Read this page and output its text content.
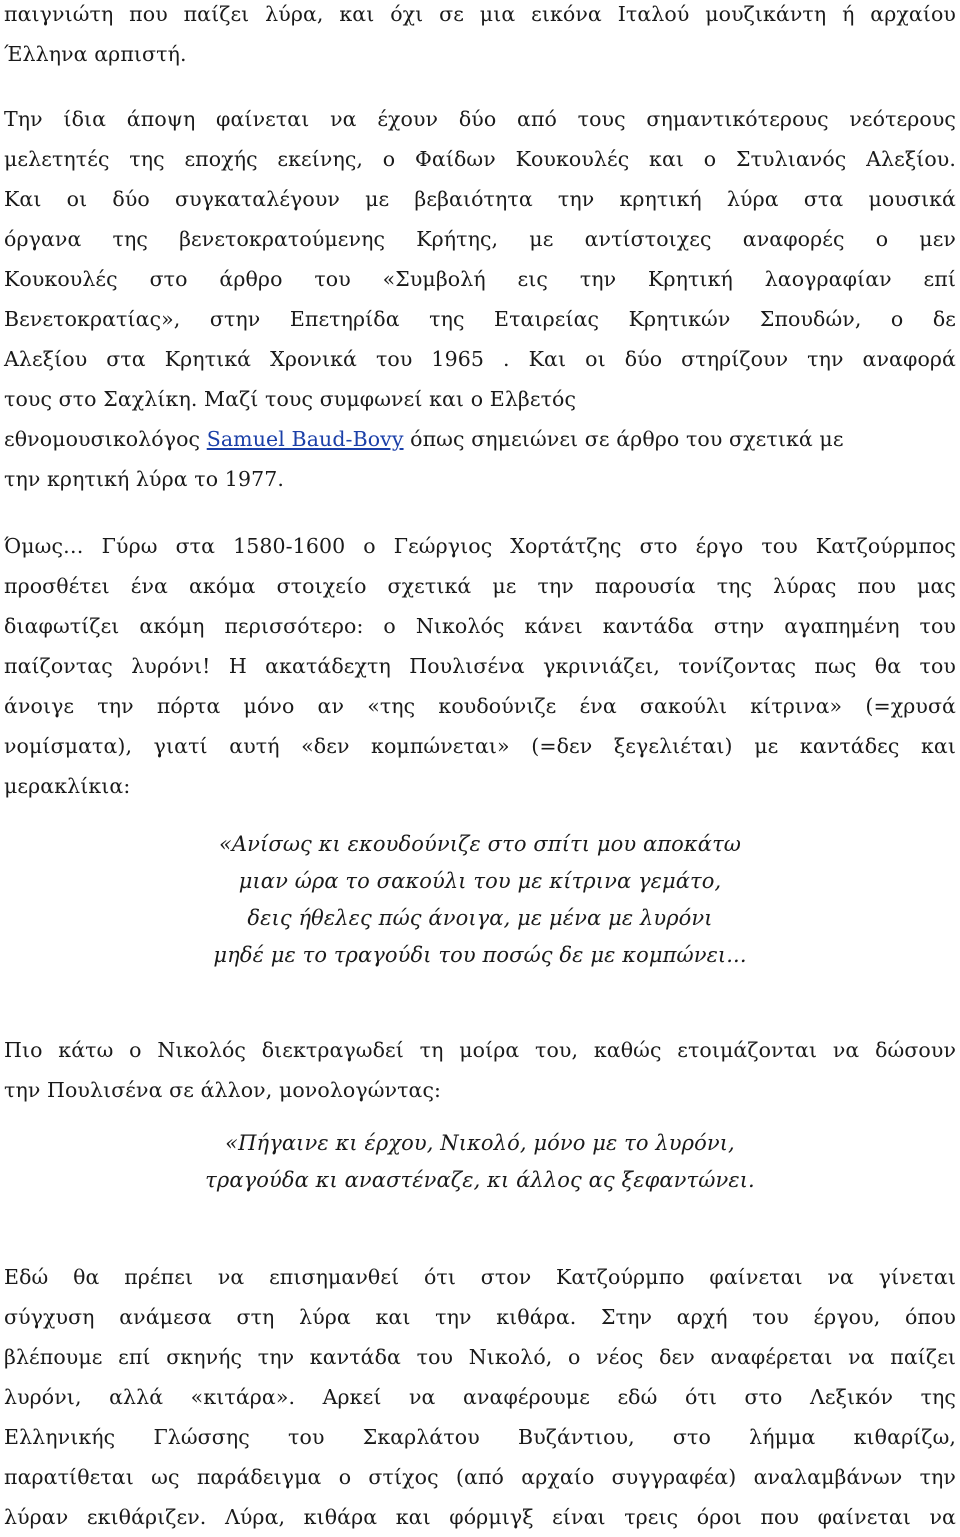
παιγνιώτη που παίζει λύρα, και όχι σε μια εικόνα Ιταλού μουζικάντη ή αρχαίου
Έλληνα αρπιστή.
Την ίδια άποψη φαίνεται να έχουν δύο από τους σημαντικότερους νεότερους
μελετητές της εποχής εκείνης, ο Φαίδων Κουκουλές και ο Στυλιανός Αλεξίου.
Και οι δύο συγκαταλέγουν με βεβαιότητα την κρητική λύρα στα μουσικά
όργανα της βενετοκρατούμενης Κρήτης, με αντίστοιχες αναφορές ο μεν
Κουκουλές στο άρθρο του «Συμβολή εις την Κρητική λαογραφίαν επί
Βενετοκρατίας», στην Επετηρίδα της Εταιρείας Κρητικών Σπουδών, ο δε
Αλεξίου στα Κρητικά Χρονικά του 1965 . Και οι δύο στηρίζουν την αναφορά
τους στο Σαχλίκη. Μαζί τους συμφωνεί και ο Ελβετός
εθνομουσικολόγος Samuel Baud-Bovy όπως σημειώνει σε άρθρο του σχετικά με
την κρητική λύρα το 1977.
Όμως… Γύρω στα 1580-1600 ο Γεώργιος Χορτάτζης στο έργο του Κατζούρμπος
προσθέτει ένα ακόμα στοιχείο σχετικά με την παρουσία της λύρας που μας
διαφωτίζει ακόμη περισσότερο: ο Νικολός κάνει καντάδα στην αγαπημένη του
παίζοντας λυρόνι! Η ακατάδεχτη Πουλισένα γκρινιάζει, τονίζοντας πως θα του
άνοιγε την πόρτα μόνο αν «της κουδούνιζε ένα σακούλι κίτρινα» (=χρυσά
νομίσματα), γιατί αυτή «δεν κομπώνεται» (=δεν ξεγελιέται) με καντάδες και
μερακλίκια:
«Ανίσως κι εκουδούνιζε στο σπίτι μου αποκάτω
μιαν ώρα το σακούλι του με κίτρινα γεμάτο,
δεις ήθελες πώς άνοιγα, με μένα με λυρόνι
μηδέ με το τραγούδι του ποσώς δε με κομπώνει...
Πιο κάτω ο Νικολός διεκτραγωδεί τη μοίρα του, καθώς ετοιμάζονται να δώσουν
την Πουλισένα σε άλλον, μονολογώντας:
«Πήγαινε κι έρχου, Νικολό, μόνο με το λυρόνι,
τραγούδα κι αναστέναζε, κι άλλος ας ξεφαντώνει.
Εδώ θα πρέπει να επισημανθεί ότι στον Κατζούρμπο φαίνεται να γίνεται
σύγχυση ανάμεσα στη λύρα και την κιθάρα. Στην αρχή του έργου, όπου
βλέπουμε επί σκηνής την καντάδα του Νικολό, ο νέος δεν αναφέρεται να παίζει
λυρόνι, αλλά «κιτάρα». Αρκεί να αναφέρουμε εδώ ότι στο Λεξικόν της
Ελληνικής Γλώσσης του Σκαρλάτου Βυζάντιου, στο λήμμα κιθαρίζω,
παρατίθεται ως παράδειγμα ο στίχος (από αρχαίο συγγραφέα) αναλαμβάνων την
λύραν εκιθάριζεν. Λύρα, κιθάρα και φόρμιγξ είναι τρεις όροι που φαίνεται να
